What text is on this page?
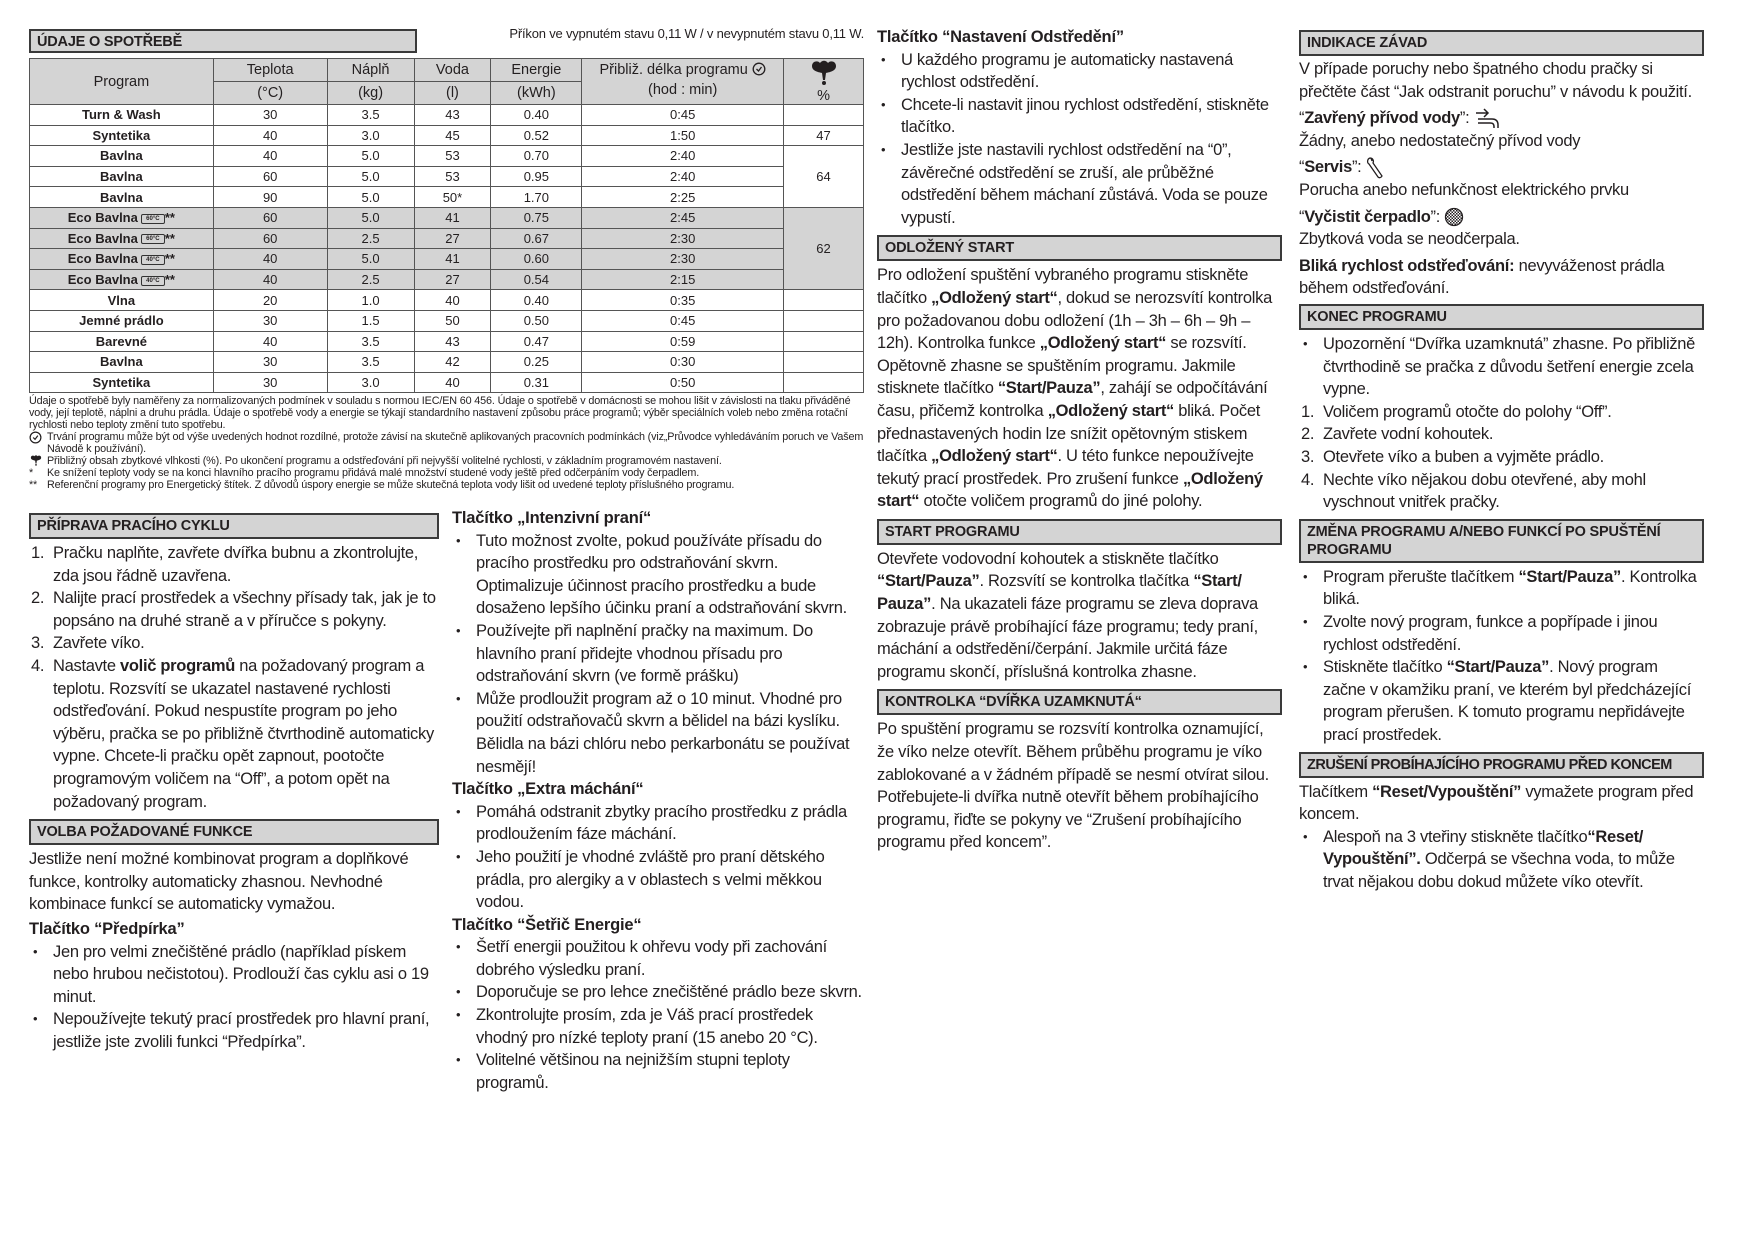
ÚDAJE O SPOTŘEBĚ
Příkon ve vypnutém stavu 0,11 W / v nevypnutém stavu 0,11 W.
Program	Teplota	Náplň	Voda	Energie	Přibliž. délka programu	%
	(°C)	(kg)	(l)	(kWh)	(hod : min)	
Turn & Wash	30	3.5	43	0.40	0:45	
Syntetika	40	3.0	45	0.52	1:50	47
Bavlna	40	5.0	53	0.70	2:40	64
Bavlna	60	5.0	53	0.95	2:40	
Bavlna	90	5.0	50*	1.70	2:25	
Eco Bavlna 60°C **	60	5.0	41	0.75	2:45	62
Eco Bavlna 60°C **	60	2.5	27	0.67	2:30	
Eco Bavlna 40°C **	40	5.0	41	0.60	2:30	
Eco Bavlna 40°C **	40	2.5	27	0.54	2:15	
Vlna	20	1.0	40	0.40	0:35	
Jemné prádlo	30	1.5	50	0.50	0:45	
Barevné	40	3.5	43	0.47	0:59	
Bavlna	30	3.5	42	0.25	0:30	
Syntetika	30	3.0	40	0.31	0:50	
Údaje o spotřebě byly naměřeny za normalizovaných podmínek v souladu s normou IEC/EN 60 456. Údaje o spotřebě v domácnosti se mohou lišit v závislosti na tlaku přiváděné vody, její teplotě, náplni a druhu prádla. Údaje o spotřebě vody a energie se týkají standardního nastavení způsobu práce programů; výběr speciálních voleb nebo změna rotační rychlosti nebo teploty změní tuto spotřebu.
Trvání programu může být od výše uvedených hodnot rozdílné, protože závisí na skutečně aplikovaných pracovních podmínkách (viz„Průvodce vyhledáváním poruch ve Vašem Návodě k používání).
Přibližný obsah zbytkové vlhkosti (%). Po ukončení programu a odstřeďování při nejvyšší volitelné rychlosti, v základním programovém nastavení.
* Ke snížení teploty vody se na konci hlavního pracího programu přidává malé množství studené vody ještě před odčerpáním vody čerpadlem.
** Referenční programy pro Energetický štítek. Z důvodů úspory energie se může skutečná teplota vody lišit od uvedené teploty příslušného programu.
PŘÍPRAVA PRACÍHO CYKLU
1. Pračku naplňte, zavřete dvířka bubnu a zkontrolujte, zda jsou řádně uzavřena.
2. Nalijte prací prostředek a všechny přísady tak, jak je to popsáno na druhé straně a v příručce s pokyny.
3. Zavřete víko.
4. Nastavte volič programů na požadovaný program a teplotu. Rozsvítí se ukazatel nastavené rychlosti odstřeďování. Pokud nespustíte program po jeho výběru, pračka se po přibližně čtvrthodině automaticky vypne. Chcete-li pračku opět zapnout, pootočte programovým voličem na “Off”, a potom opět na požadovaný program.
VOLBA POŽADOVANÉ FUNKCE
Jestliže není možné kombinovat program a doplňkové funkce, kontrolky automaticky zhasnou. Nevhodné kombinace funkcí se automaticky vymažou.
Tlačítko “Předpírka”
• Jen pro velmi znečištěné prádlo (například pískem nebo hrubou nečistotou). Prodlouží čas cyklu asi o 19 minut.
• Nepoužívejte tekutý prací prostředek pro hlavní praní, jestliže jste zvolili funkci “Předpírka”.
Tlačítko „Intenzivní praní“
• Tuto možnost zvolte, pokud používáte přísadu do pracího prostředku pro odstraňování skvrn. Optimalizuje účinnost pracího prostředku a bude dosaženo lepšího účinku praní a odstraňování skvrn.
• Používejte při naplnění pračky na maximum. Do hlavního praní přidejte vhodnou přísadu pro odstraňování skvrn (ve formě prášku)
• Může prodloužit program až o 10 minut. Vhodné pro použití odstraňovačů skvrn a bělidel na bázi kyslíku. Bělidla na bázi chlóru nebo perkarbonátu se používat nesmějí!
Tlačítko „Extra máchání“
• Pomáhá odstranit zbytky pracího prostředku z prádla prodloužením fáze máchání.
• Jeho použití je vhodné zvláště pro praní dětského prádla, pro alergiky a v oblastech s velmi měkkou vodou.
Tlačítko “Šetřič Energie“
• Šetří energii použitou k ohřevu vody při zachování dobrého výsledku praní.
• Doporučuje se pro lehce znečištěné prádlo beze skvrn.
• Zkontrolujte prosím, zda je Váš prací prostředek vhodný pro nízké teploty praní (15 anebo 20 °C).
• Volitelné většinou na nejnižším stupni teploty programů.
Tlačítko “Nastavení Odstředění”
• U každého programu je automaticky nastavená rychlost odstředění.
• Chcete-li nastavit jinou rychlost odstředění, stiskněte tlačítko.
• Jestliže jste nastavili rychlost odstředění na “0”, závěrečné odstředění se zruší, ale průběžné odstředění během máchaní zůstává. Voda se pouze vypustí.
ODLOŽENÝ START
Pro odložení spuštění vybraného programu stiskněte tlačítko „Odložený start“, dokud se nerozsvítí kontrolka pro požadovanou dobu odložení (1h – 3h – 6h – 9h – 12h). Kontrolka funkce „Odložený start“ se rozsvítí. Opětovně zhasne se spuštěním programu. Jakmile stisknete tlačítko “Start/Pauza”, zahájí se odpočítávání času, přičemž kontrolka „Odložený start“ bliká. Počet přednastavených hodin lze snížit opětovným stiskem tlačítka „Odložený start“. U této funkce nepoužívejte tekutý prací prostředek. Pro zrušení funkce „Odložený start“ otočte voličem programů do jiné polohy.
START PROGRAMU
Otevřete vodovodní kohoutek a stiskněte tlačítko “Start/Pauza”. Rozsvítí se kontrolka tlačítka “Start/ Pauza”. Na ukazateli fáze programu se zleva doprava zobrazuje právě probíhající fáze programu; tedy praní, máchání a odstředění/čerpání. Jakmile určitá fáze programu skončí, příslušná kontrolka zhasne.
KONTROLKA “DVÍŘKA UZAMKNUTÁ“
Po spuštění programu se rozsvítí kontrolka oznamující, že víko nelze otevřít. Během průběhu programu je víko zablokované a v žádném případě se nesmí otvírat silou. Potřebujete-li dvířka nutně otevřít během probíhajícího programu, řiďte se pokyny ve “Zrušení probíhajícího programu před koncem”.
INDIKACE ZÁVAD
V případe poruchy nebo špatného chodu pračky si přečtěte část “Jak odstranit poruchu” v návodu k použití.
“Zavřený přívod vody”:
Žádny, anebo nedostatečný přívod vody
“Servis”:
Porucha anebo nefunkčnost elektrického prvku
“Vyčistit čerpadlo”:
Zbytková voda se neodčerpala.
Bliká rychlost odstřeďování: nevyváženost prádla během odstřeďování.
KONEC PROGRAMU
• Upozornění “Dvířka uzamknutá” zhasne. Po přibližně čtvrthodině se pračka z důvodu šetření energie zcela vypne.
1. Voličem programů otočte do polohy “Off”.
2. Zavřete vodní kohoutek.
3. Otevřete víko a buben a vyjměte prádlo.
4. Nechte víko nějakou dobu otevřené, aby mohl vyschnout vnitřek pračky.
ZMĚNA PROGRAMU A/NEBO FUNKCÍ PO SPUŠTĚNÍ PROGRAMU
• Program přerušte tlačítkem “Start/Pauza”. Kontrolka bliká.
• Zvolte nový program, funkce a popřípade i jinou rychlost odstředění.
• Stiskněte tlačítko “Start/Pauza”. Nový program začne v okamžiku praní, ve kterém byl předcházející program přerušen. K tomuto programu nepřidávejte prací prostředek.
ZRUŠENÍ PROBÍHAJÍCÍHO PROGRAMU PŘED KONCEM
Tlačítkem “Reset/Vypouštění” vymažete program před koncem.
• Alespoň na 3 vteřiny stiskněte tlačítko“Reset/ Vypouštění”. Odčerpá se všechna voda, to může trvat nějakou dobu dokud můžete víko otevřít.
